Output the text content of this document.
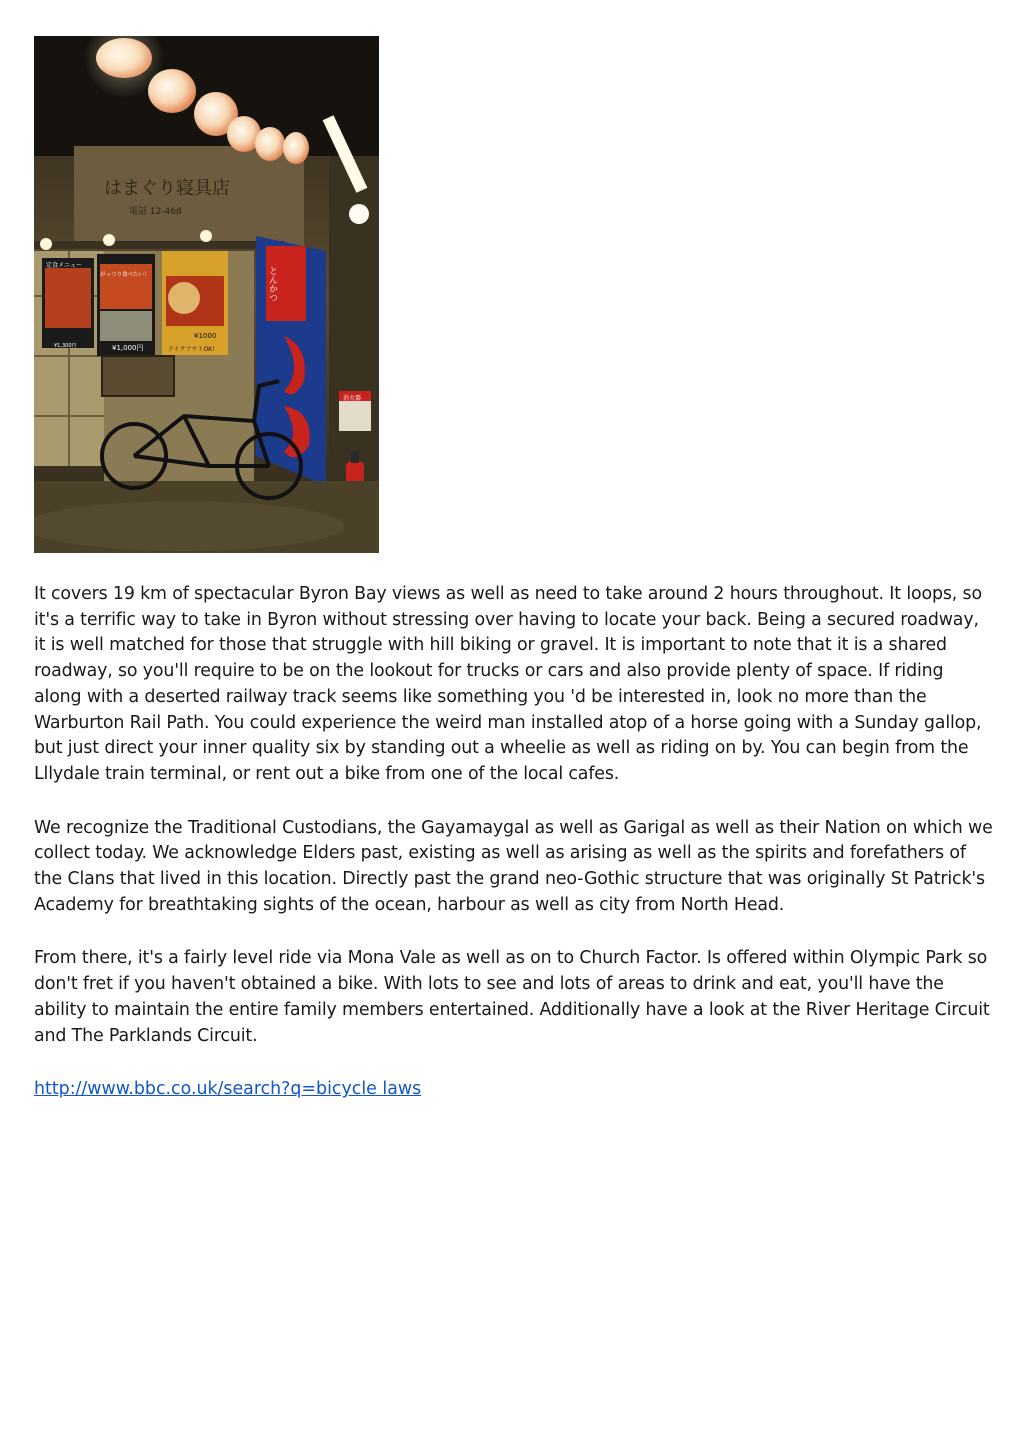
はまぐり寝具店
電話 12-468
定食メニュー
¥1,300円
がっつり食べたい！
¥1,000円
¥1000
テイクアウトOK!
とんかつ
消火器

It covers 19 km of spectacular Byron Bay views as well as need to take around 2 hours throughout. It loops, so it's a terrific way to take in Byron without stressing over having to locate your back. Being a secured roadway, it is well matched for those that struggle with hill biking or gravel. It is important to note that it is a shared roadway, so you'll require to be on the lookout for trucks or cars and also provide plenty of space. If riding along with a deserted railway track seems like something you 'd be interested in, look no more than the Warburton Rail Path. You could experience the weird man installed atop of a horse going with a Sunday gallop, but just direct your inner quality six by standing out a wheelie as well as riding on by. You can begin from the Lllydale train terminal, or rent out a bike from one of the local cafes.

We recognize the Traditional Custodians, the Gayamaygal as well as Garigal as well as their Nation on which we collect today. We acknowledge Elders past, existing as well as arising as well as the spirits and forefathers of the Clans that lived in this location. Directly past the grand neo-Gothic structure that was originally St Patrick's Academy for breathtaking sights of the ocean, harbour as well as city from North Head.

From there, it's a fairly level ride via Mona Vale as well as on to Church Factor. Is offered within Olympic Park so don't fret if you haven't obtained a bike. With lots to see and lots of areas to drink and eat, you'll have the ability to maintain the entire family members entertained. Additionally have a look at the River Heritage Circuit and The Parklands Circuit.

http://www.bbc.co.uk/search?q=bicycle laws
